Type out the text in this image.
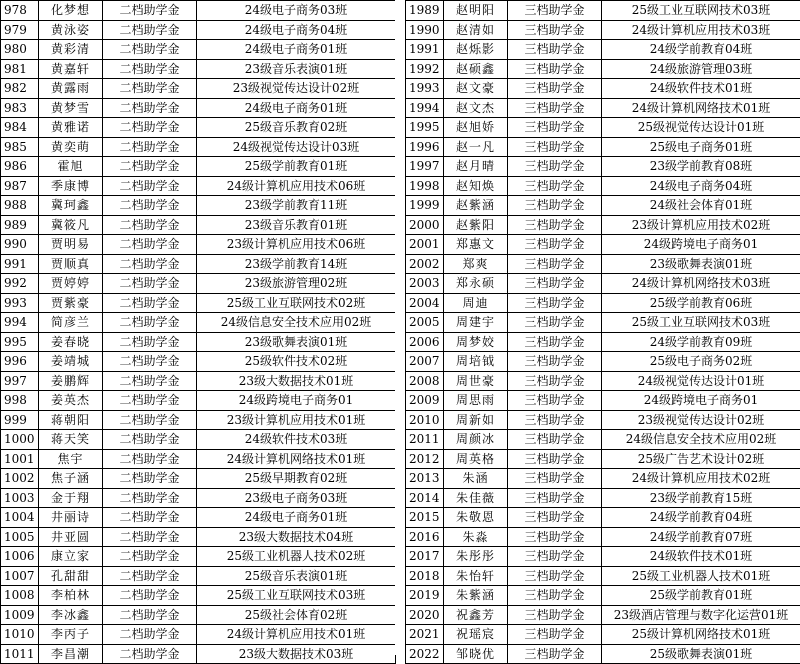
978	化梦想	二档助学金	24级电子商务03班
979	黄泳姿	二档助学金	24级电子商务04班
980	黄彩清	二档助学金	24级电子商务01班
981	黄嘉轩	二档助学金	23级音乐表演01班
982	黄露雨	二档助学金	23级视觉传达设计02班
983	黄梦雪	二档助学金	24级电子商务01班
984	黄雅诺	二档助学金	25级音乐教育02班
985	黄奕萌	二档助学金	24级视觉传达设计03班
986	霍旭	二档助学金	25级学前教育01班
987	季康博	二档助学金	24级计算机应用技术06班
988	冀珂鑫	二档助学金	23级学前教育11班
989	冀筱凡	二档助学金	23级音乐教育01班
990	贾明易	二档助学金	23级计算机应用技术06班
991	贾顺真	二档助学金	23级学前教育14班
992	贾婷婷	二档助学金	23级旅游管理02班
993	贾紫豪	二档助学金	25级工业互联网技术02班
994	简彦兰	二档助学金	24级信息安全技术应用02班
995	姜春晓	二档助学金	23级歌舞表演01班
996	姜靖城	二档助学金	25级软件技术02班
997	姜鹏辉	二档助学金	23级大数据技术01班
998	姜英杰	二档助学金	24级跨境电子商务01
999	蒋朝阳	二档助学金	23级计算机应用技术01班
1000	蒋天笑	二档助学金	24级软件技术03班
1001	焦宇	二档助学金	24级计算机网络技术01班
1002	焦子涵	二档助学金	25级早期教育02班
1003	金于翔	二档助学金	23级电子商务03班
1004	井丽诗	二档助学金	24级电子商务01班
1005	井亚圆	二档助学金	23级大数据技术04班
1006	康立家	二档助学金	25级工业机器人技术02班
1007	孔甜甜	二档助学金	25级音乐表演01班
1008	李柏林	二档助学金	25级工业互联网技术03班
1009	李冰鑫	二档助学金	25级社会体育02班
1010	李丙子	二档助学金	24级计算机应用技术01班
1011	李昌潮	二档助学金	23级大数据技术03班
1989	赵明阳	三档助学金	25级工业互联网技术03班
1990	赵清如	三档助学金	24级计算机应用技术03班
1991	赵烁影	三档助学金	24级学前教育04班
1992	赵硕鑫	三档助学金	24级旅游管理03班
1993	赵文豪	三档助学金	24级软件技术01班
1994	赵文杰	三档助学金	24级计算机网络技术01班
1995	赵旭娇	三档助学金	25级视觉传达设计01班
1996	赵一凡	三档助学金	25级电子商务01班
1997	赵月晴	三档助学金	23级学前教育08班
1998	赵知焕	三档助学金	24级电子商务04班
1999	赵紫涵	三档助学金	24级社会体育01班
2000	赵紫阳	三档助学金	23级计算机应用技术02班
2001	郑惠文	三档助学金	24级跨境电子商务01
2002	郑爽	三档助学金	23级歌舞表演01班
2003	郑永硕	三档助学金	24级计算机网络技术03班
2004	周迪	三档助学金	25级学前教育06班
2005	周建宇	三档助学金	25级工业互联网技术03班
2006	周梦姣	三档助学金	24级学前教育09班
2007	周培钺	三档助学金	25级电子商务02班
2008	周世豪	三档助学金	24级视觉传达设计01班
2009	周思雨	三档助学金	24级跨境电子商务01
2010	周新如	三档助学金	23级视觉传达设计02班
2011	周颜冰	三档助学金	24级信息安全技术应用02班
2012	周英格	三档助学金	25级广告艺术设计02班
2013	朱涵	三档助学金	24级计算机应用技术02班
2014	朱佳薇	三档助学金	23级学前教育15班
2015	朱敬恩	三档助学金	24级学前教育04班
2016	朱淼	三档助学金	24级学前教育07班
2017	朱彤彤	三档助学金	24级软件技术01班
2018	朱怡轩	三档助学金	25级工业机器人技术01班
2019	朱紫涵	三档助学金	25级学前教育01班
2020	祝鑫芳	三档助学金	23级酒店管理与数字化运营01班
2021	祝瑶宸	三档助学金	25级计算机网络技术01班
2022	邹晓优	三档助学金	25级歌舞表演01班
